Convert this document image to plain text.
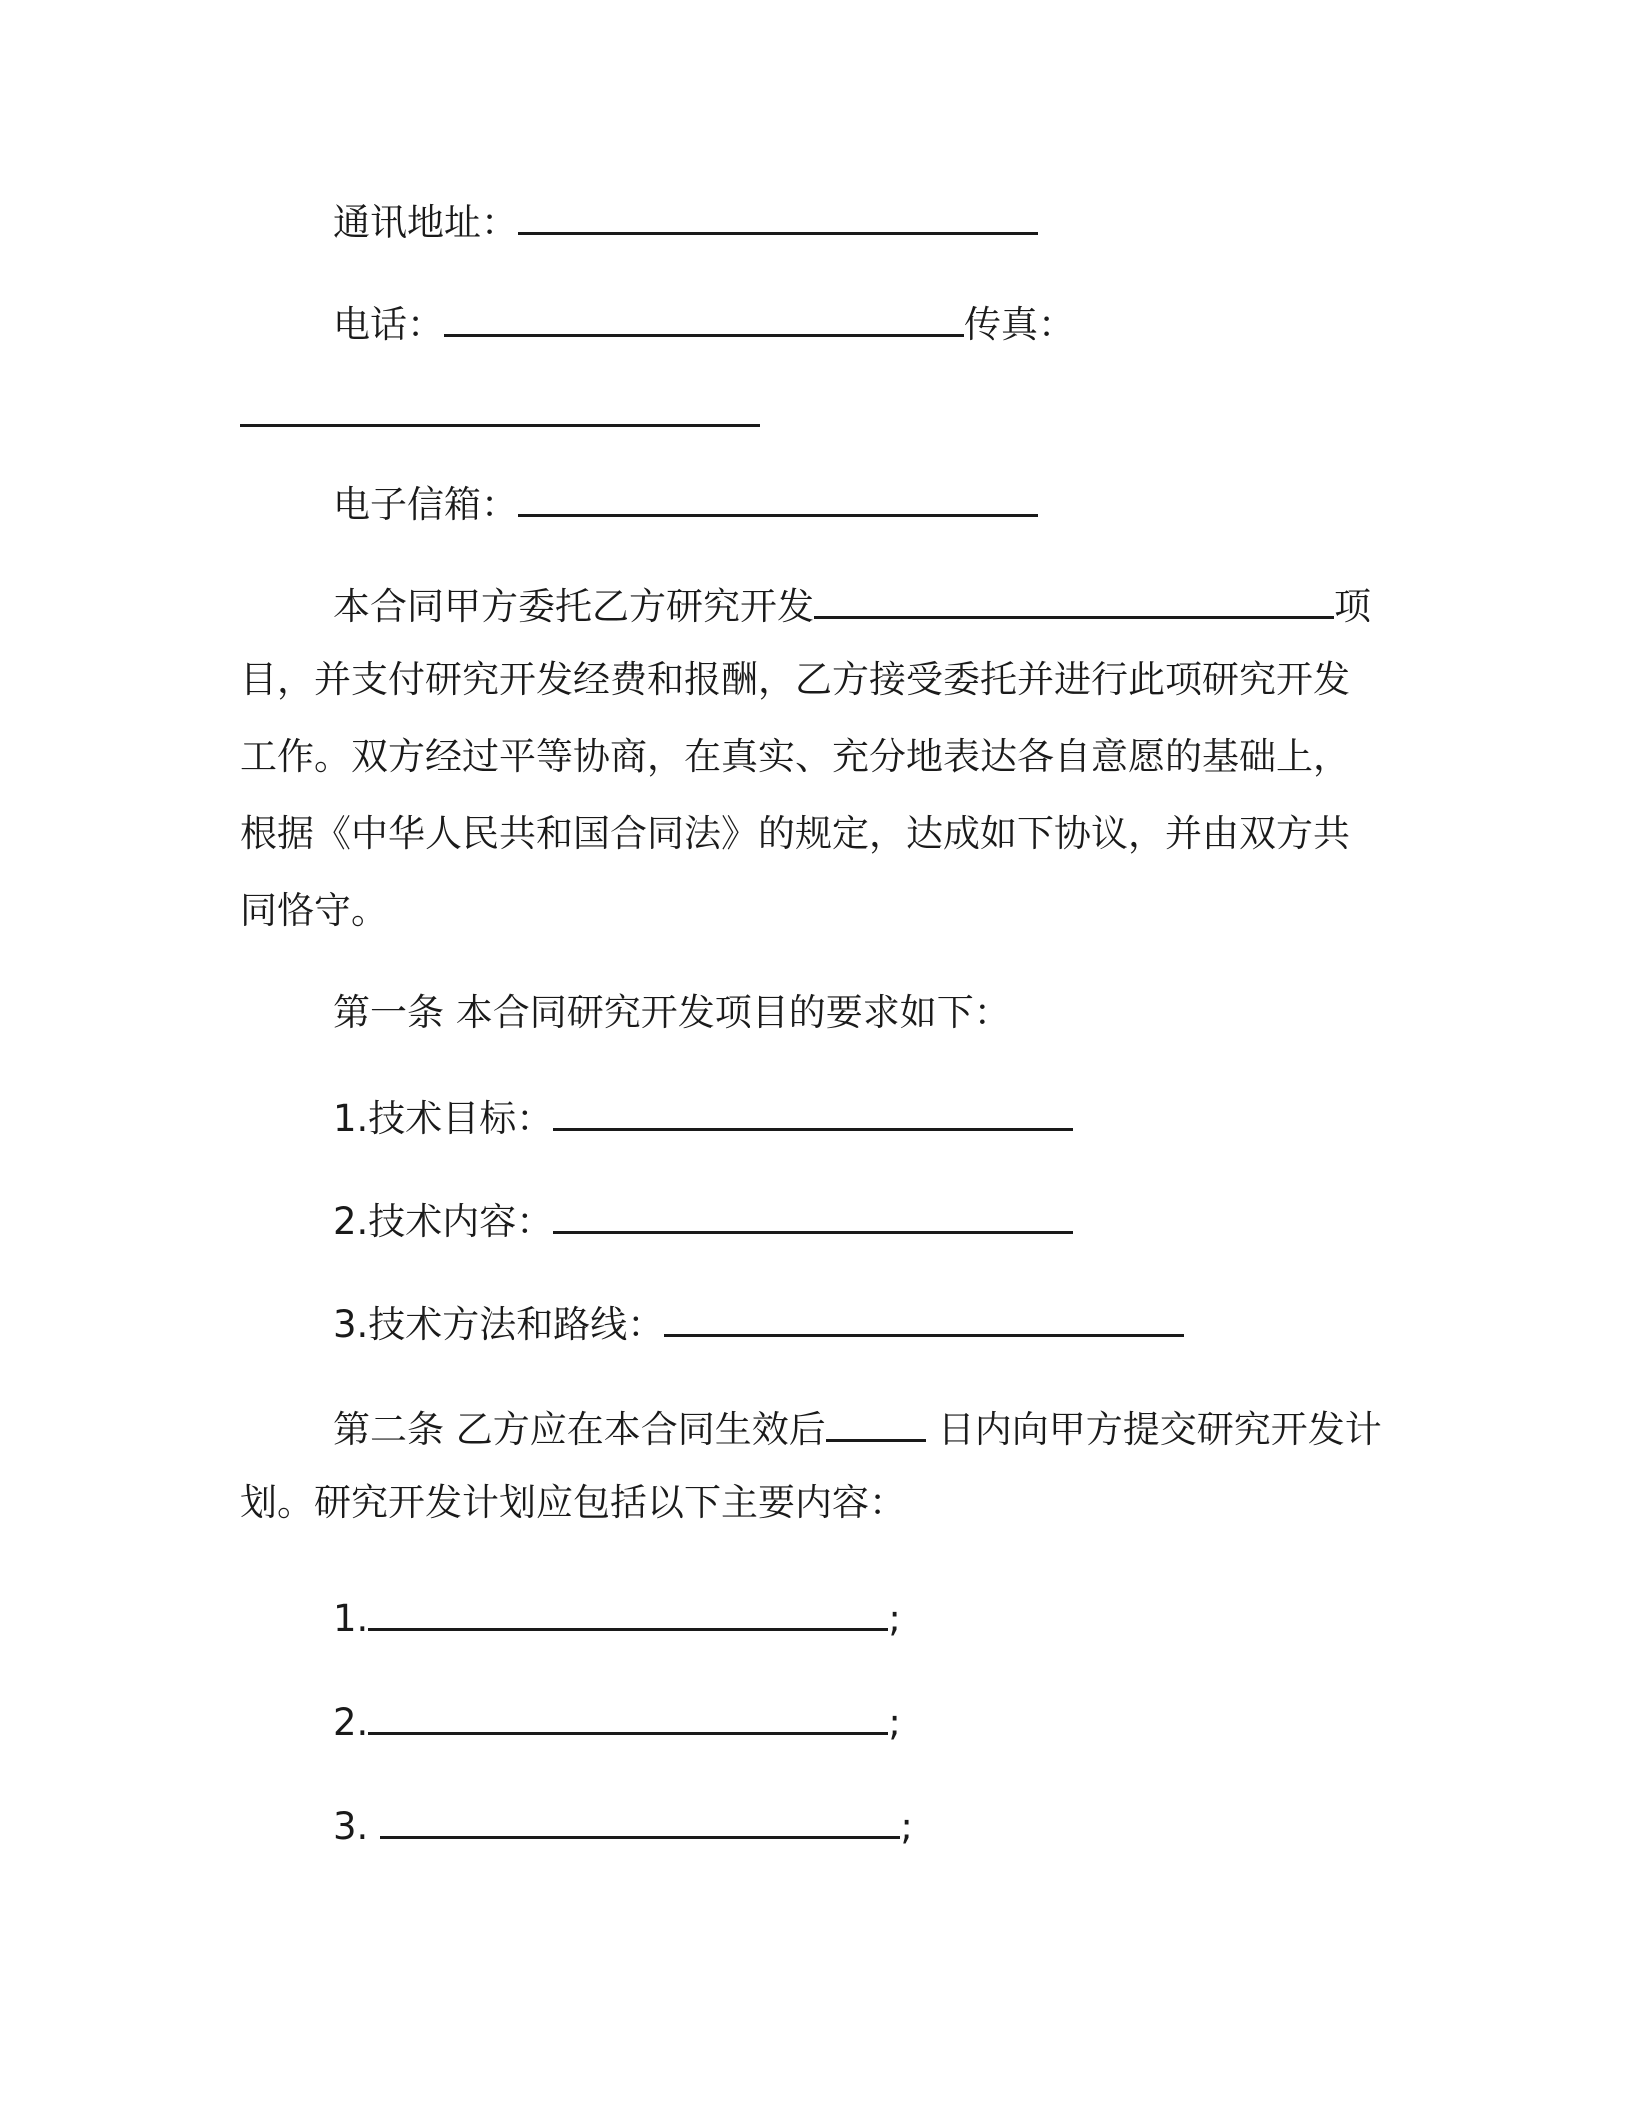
通讯地址：

电话：	传真：

电子信箱：

本合同甲方委托乙方研究开发	项

目，并支付研究开发经费和报酬，乙方接受委托并进行此项研究开发

工作。双方经过平等协商，在真实、充分地表达各自意愿的基础上，

根据《中华人民共和国合同法》的规定，达成如下协议，并由双方共

同恪守。

第一条 本合同研究开发项目的要求如下：

1.技术目标：

2.技术内容：

3.技术方法和路线：

第二条 乙方应在本合同生效后	日内向甲方提交研究开发计

划。研究开发计划应包括以下主要内容：

1.	;

2.	;

3.	;
